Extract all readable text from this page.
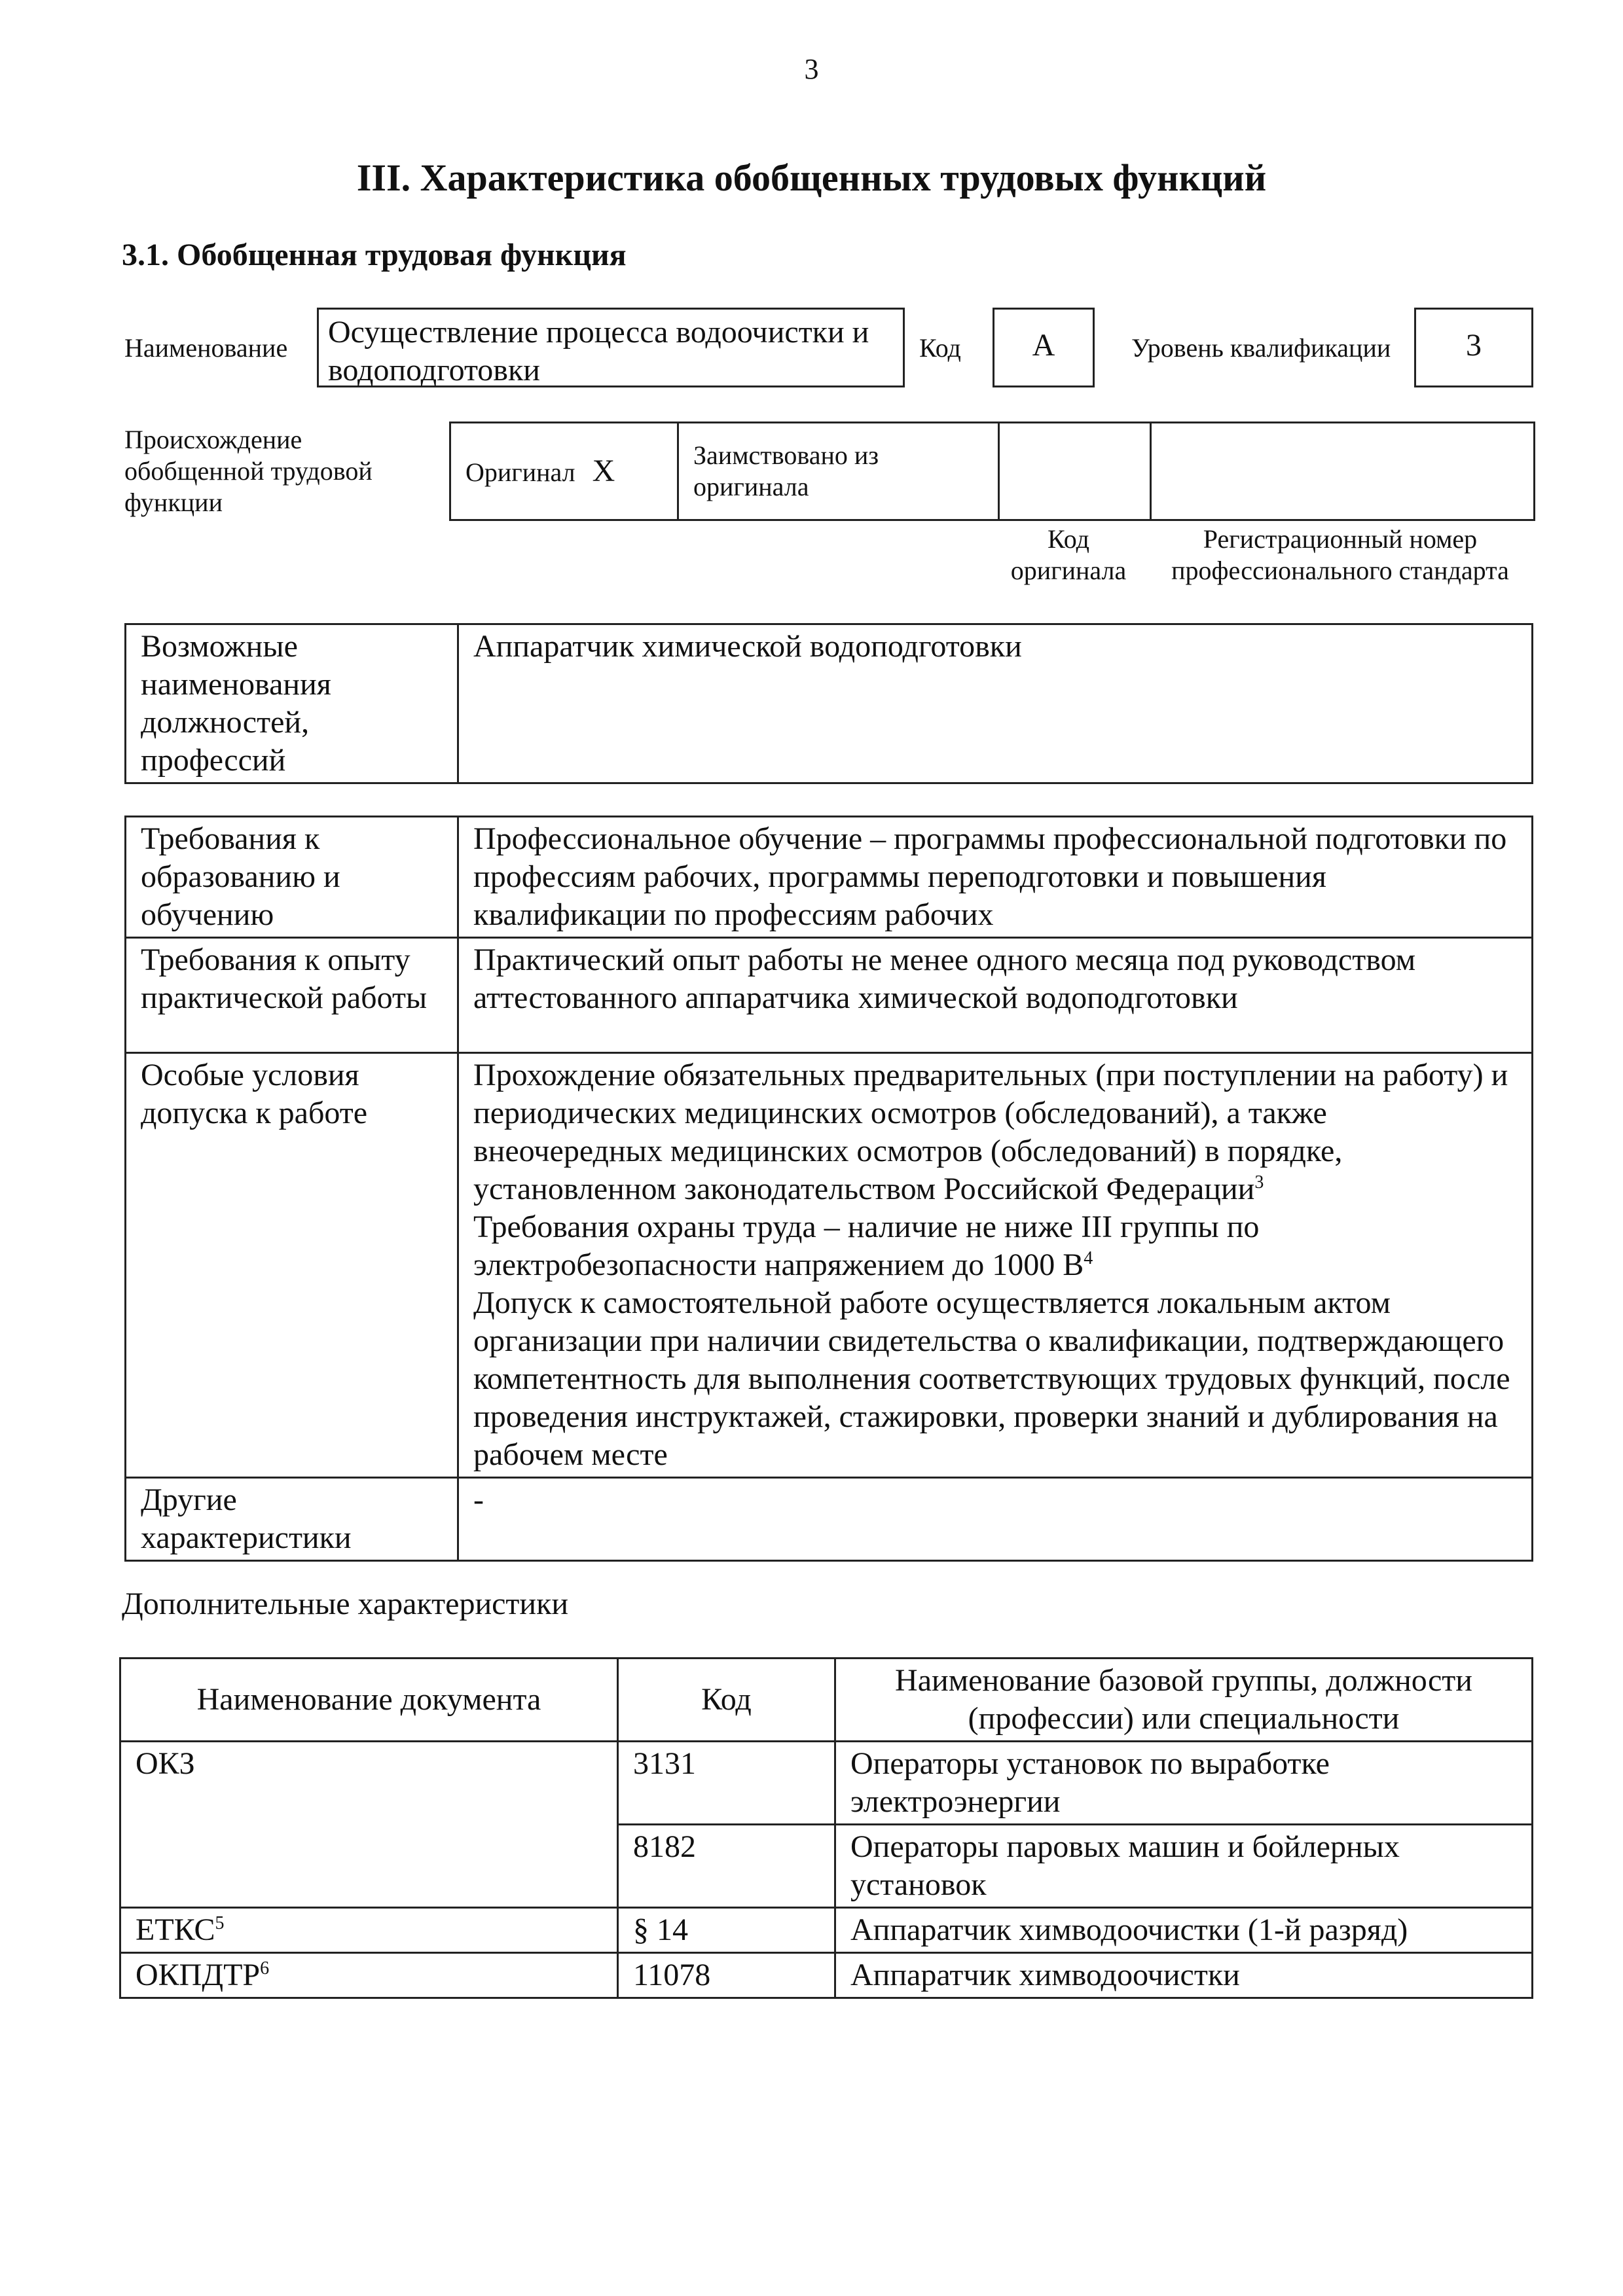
3
III. Характеристика обобщенных трудовых функций
3.1. Обобщенная трудовая функция
Наименование	Осуществление процесса водоочистки и водоподготовки
Код	А	Уровень квалификации	3
Происхождение обобщенной трудовой функции
Оригинал X	Заимствовано из оригинала		
Код оригинала
Регистрационный номер профессионального стандарта
Возможные наименования должностей, профессий	Аппаратчик химической водоподготовки
Требования к образованию и обучению	Профессиональное обучение – программы профессиональной подготовки по профессиям рабочих, программы переподготовки и повышения квалификации по профессиям рабочих
Требования к опыту практической работы	Практический опыт работы не менее одного месяца под руководством аттестованного аппаратчика химической водоподготовки
Особые условия допуска к работе	Прохождение обязательных предварительных (при поступлении на работу) и периодических медицинских осмотров (обследований), а также внеочередных медицинских осмотров (обследований) в порядке, установленном законодательством Российской Федерации$^3$
Требования охраны труда – наличие не ниже III группы по электробезопасности напряжением до 1000 $В^4$
Допуск к самостоятельной работе осуществляется локальным актом организации при наличии свидетельства о квалификации, подтверждающего компетентность для выполнения соответствующих трудовых функций, после проведения инструктажей, стажировки, проверки знаний и дублирования на рабочем месте
Другие характеристики	-
Дополнительные характеристики
Наименование документа	Код	Наименование базовой группы, должности (профессии) или специальности
ОКЗ	3131	Операторы установок по выработке электроэнергии
	8182	Операторы паровых машин и бойлерных установок
ЕТКС$^5$	§ 14	Аппаратчик химводоочистки (1-й разряд)
ОКПДТР$^6$	11078	Аппаратчик химводоочистки
